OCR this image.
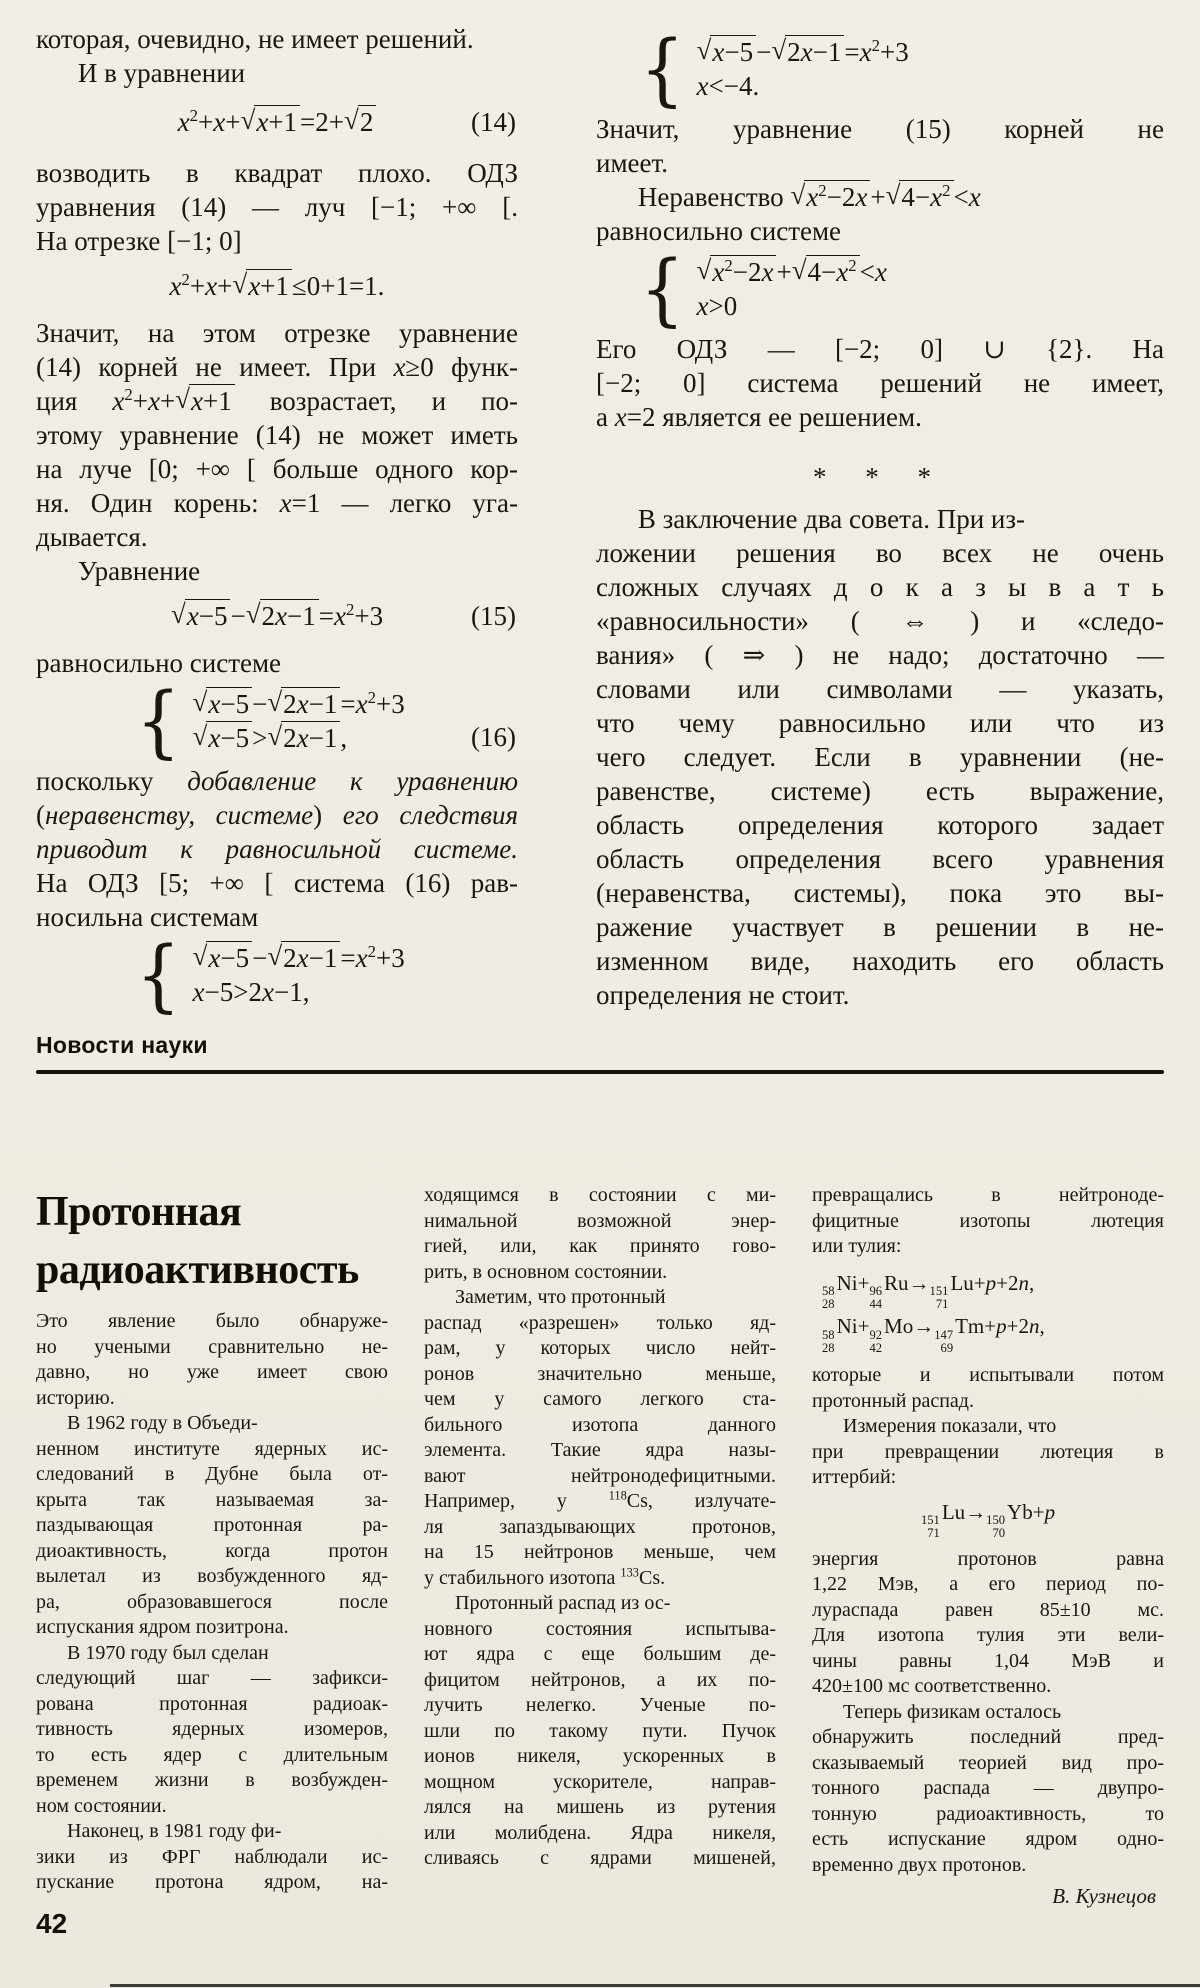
которая, очевидно, не имеет решений.
И в уравнении
$x^2+x+√x+1 =2+√2$	(14)
возводить в квадрат плохо. ОДЗ
уравнения (14) — луч [−1; +∞ [.
На отрезке [−1; 0]
$x^2+x+√x+1 \le 0+1=1$.
Значит, на этом отрезке уравнение
(14) корней не имеет. При x≥0 функ-
ция $x^2+x+√x+1$ возрастает, и по-
этому уравнение (14) не может иметь
на луче [0; +∞ [ больше одного кор-
ня. Один корень: x=1 — легко уга-
дывается.
Уравнение
$√x-5 -√2x-1 =x^2+3$	(15)
равносильно системе
{ $√x-5 -√2x-1 =x^2+3$
√x−5 >√2x−1 ,	(16)
поскольку добавление к уравнению
(неравенству, системе) его следствия
приводит к равносильной системе.
На ОДЗ [5; +∞ [ система (16) рав-
носильна системам
{ $√x-5 -√2x-1 =x^2+3$
x−5>2x−1,
{ $√x-5 -√2x-1 =x^2+3$
x<−4.
Значит, уравнение (15) корней не
имеет.
Неравенство $√x^2-2x +√4-x^2 <x$
равносильно системе
{ $√x^2-2x +√4-x^2 <x$
x>0
Его ОДЗ — [−2; 0] ∪ {2}. На
[−2; 0] система решений не имеет,
а x=2 является ее решением.
* * *
В заключение два совета. При из-
ложении решения во всех не очень
сложных случаях д о к а з ы в а т ь
«равносильности» ( ⇔ ) и «следо-
вания» ( ⇒ ) не надо; достаточно —
словами или символами — указать,
что чему равносильно или что из
чего следует. Если в уравнении (не-
равенстве, системе) есть выражение,
область определения которого задает
область определения всего уравнения
(неравенства, системы), пока это вы-
ражение участвует в решении в не-
изменном виде, находить его область
определения не стоит.
Новости науки
Протонная
радиоактивность
Это явление было обнаруже-
но учеными сравнительно не-
давно, но уже имеет свою
историю.
В 1962 году в Объеди-
ненном институте ядерных ис-
следований в Дубне была от-
крыта так называемая за-
паздывающая протонная ра-
диоактивность, когда протон
вылетал из возбужденного яд-
ра, образовавшегося после
испускания ядром позитрона.
В 1970 году был сделан
следующий шаг — зафикси-
рована протонная радиоак-
тивность ядерных изомеров,
то есть ядер с длительным
временем жизни в возбужден-
ном состоянии.
Наконец, в 1981 году фи-
зики из ФРГ наблюдали ис-
пускание протона ядром, на-
ходящимся в состоянии с ми-
нимальной возможной энер-
гией, или, как принято гово-
рить, в основном состоянии.
Заметим, что протонный
распад «разрешен» только яд-
рам, у которых число нейт-
ронов значительно меньше,
чем у самого легкого ста-
бильного изотопа данного
элемента. Такие ядра назы-
вают нейтронодефицитными.
Например, у $^{118}$Cs, излучате-
ля запаздывающих протонов,
на 15 нейтронов меньше, чем
у стабильного изотопа $^{133}$Cs.
Протонный распад из ос-
новного состояния испытыва-
ют ядра с еще большим де-
фицитом нейтронов, а их по-
лучить нелегко. Ученые по-
шли по такому пути. Пучок
ионов никеля, ускоренных в
мощном ускорителе, направ-
лялся на мишень из рутения
или молибдена. Ядра никеля,
сливаясь с ядрами мишеней,
превращались в нейтроноде-
фицитные изотопы лютеция
или тулия:
58
28
Ni+ 96
44
Ru→ 151
71
Lu+p+2n,
58
28
Ni+ 92
42
Mo→ 147
69
Tm+p+2n,
которые и испытывали потом
протонный распад.
Измерения показали, что
при превращении лютеция в
иттербий:
151
71
Lu→ 150
70
Yb+p
энергия протонов равна
1,22 Мэв, а его период по-
лураспада равен 85±10 мс.
Для изотопа тулия эти вели-
чины равны 1,04 МэВ и
420±100 мс соответственно.
Теперь физикам осталось
обнаружить последний пред-
сказываемый теорией вид про-
тонного распада — двупро-
тонную радиоактивность, то
есть испускание ядром одно-
временно двух протонов.
В. Кузнецов
42
